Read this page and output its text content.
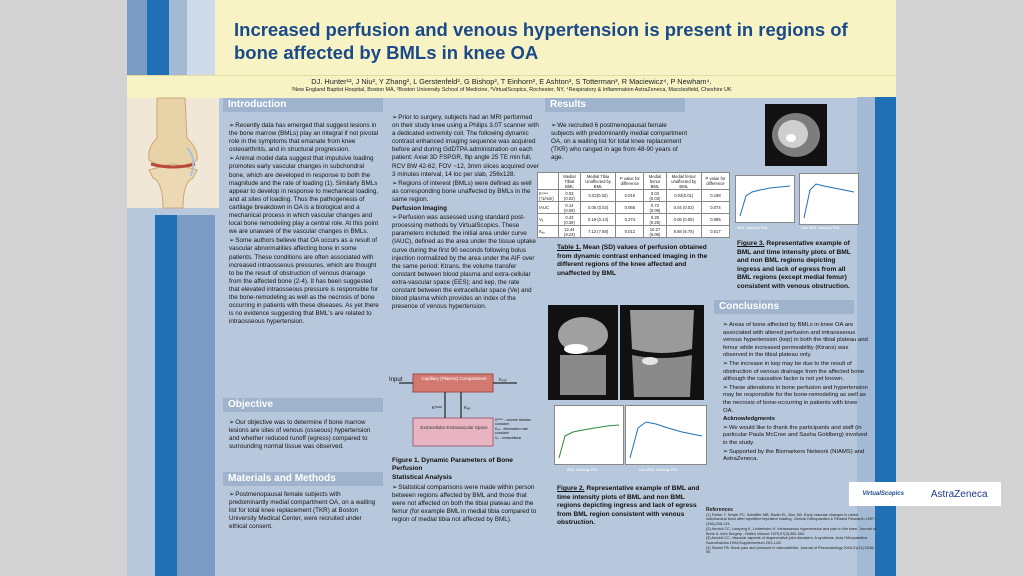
Increased perfusion and venous hypertension is present in regions of bone affected by BMLs in knee OA
DJ. Hunter¹², J Niu², Y Zhang², L Gerstenfeld², G Bishop², T Einhorn², E Ashton³, S Totterman³, R Maciewicz⁴, P Newham⁴.
¹New England Baptist Hospital, Boston MA, ²Boston University School of Medicine, ³VirtualScopics, Rochester, NY, ⁴Respiratory & Inflammation AstraZeneca, Macclesfield, Cheshire UK
Introduction

➢ Recently data has emerged that suggest lesions in the bone marrow (BMLs) play an integral if not pivotal role in the symptoms that emanate from knee osteoarthritis, and in structural progression.

➢ Animal model data suggest that impulsive loading promotes early vascular changes in subchondral bone, which are developed in response to both the magnitude and the rate of loading (1). Similarly BMLs appear to develop in response to mechanical loading, and at sites of loading. Thus the pathogenesis of cartilage breakdown in OA is a biological and a mechanical process in which vascular changes and local bone remodeling play a central role. At this point we are unaware of the vascular changes in BMLs.

➢ Some authors believe that OA occurs as a result of vascular abnormalities affecting bone in some patients. These conditions are often associated with increased intraosseous pressures, which are thought to be the result of obstruction of venous drainage from the affected bone (2-4). It has been suggested that elevated intraosseous pressure is responsible for the bone-remodeling as well as the necrosis of bone occurring in patients with these diseases. As yet there is no evidence suggesting that BML's are related to intraosseous hypertension.

Objective

➢ Our objective was to determine if bone marrow lesions are sites of venous (osseous) hypertension and whether reduced runoff (egress) compared to surrounding normal tissue was observed.

Materials and Methods

➢ Postmenopausal female subjects with predominantly medial compartment OA, on a waiting list for total knee replacement (TKR) at Boston University Medical Center, were recruited under ethical consent.

➢ Prior to surgery, subjects had an MRI performed on their study knee using a Philips 3.0T scanner with a dedicated extremity coil. The following dynamic contrast enhanced imaging sequence was acquired before and during GdDTPA administration on each patient: Axial 3D FSPGR, flip angle 25 TE min full, RCV BW 42-62, FOV ~12, 3mm slices acquired over 3 minutes interval, 14 loc per slab, 256x128.

➢ Regions of interest (BMLs) were defined as well as corresponding bone unaffected by BMLs in the same region.

Perfusion Imaging

➢ Perfusion was assessed using standard post-processing methods by VirtualScopics. These parameters included: the initial area under curve (IAUC), defined as the area under the tissue uptake curve during the first 90 seconds following bolus injection normalized by the area under the AIF over the same period; Ktrans, the volume transfer constant between blood plasma and extra-cellular extra-vascular space (EES); and kep, the rate constant between the extracellular space (Ve) and blood plasma which provides an index of the presence of venous hypertension.

Input	Capillary (Plasma) Compartment
Extracellular Extravascular Space
Kᵗʳᵃⁿˢ	Kₑₚ
Kₒᵤₜ
Kᵗʳᵃⁿˢ - volume transfer constant
Kₑₚ - elimination rate constant
Vₑ - extracellular

Figure 1. Dynamic Parameters of Bone Perfusion

Statistical Analysis

➢ Statistical comparisons were made within person between regions affected by BML and those that were not affected on both the tibial plateau and the femur (for example BML in medial tibia compared to region of medial tibia not affected by BML).

Results

➢ We recruited 6 postmenopausal female subjects with predominantly medial compartment OA, on a waiting list for total knee replacement (TKR) who ranged in age from 48-90 years of age.

BML Intensity Plot	Non BML Intensity Plot
Figure 3. Representative example of BML and time intensity plots of BML and non BML regions depicting ingress and lack of egress from all BML regions (except medial femur) consistent with venous obstruction.
Table 1. Mean (SD) values of perfusion obtained from dynamic contrast enhanced imaging in the different regions of the knee affected and unaffected by BML
BML Intensity Plot	Non BML Intensity Plot
Figure 2. Representative example of BML and time intensity plots of BML and non BML regions depicting ingress and lack of egress from BML region consistent with venous obstruction.
Conclusions

➢ Areas of bone affected by BMLs in knee OA are associated with altered perfusion and intraosseous venous hypertension (kep) in both the tibial plateau and femur while increased permeability (Ktrans) was observed in the tibial plateau only.

➢ The increase in kep may be due to the result of obstruction of venous drainage from the affected bone although the causative factor is not yet known.

➢ These alterations in bone perfusion and hypertension may be responsible for the bone-remodeling as well as the necrosis of bone-occurring in patients with knee OA.

Acknowledgments

➢ We would like to thank the participants and staff (in particular Paula McCree and Sasha Goldberg) involved in the study.

➢ Supported by the Biomarkers Network (NIAMS) and AstraZeneca.

VirtualScopics	AstraZeneca
References
(1) Fortier T, Smyth PC, Schaffler MB, Radin EL, Burr DB. Early vascular changes in rabbit subchondral bone after repetitive impulsive loading. Clinical Orthopaedics & Related Research 1997;(336):208-221.
(2) Arnoldi CC, Lemperg K, Linderholm H. Intraosseous hypertension and pain in the knee. Journal of Bone & Joint Surgery - British Volume 1975;57(3):360-363.
(3) Arnoldi CC. Vascular aspects of degenerative joint disorders. A synthesis. Acta Orthopaedica Scandinavica 1994;Supplementum 261:1-82.
(4) Simkin PA. Bone pain and pressure in osteoarthritis: Journal of Rheumatology 2004;31(11):2048-50.
	Medial Tibial BML	Medial Tibia Unaffected by BML	P value for difference	Medial femur BML	Medial femur unaffected by BML	P value for difference
Kᵗʳᵃⁿˢ (*1/min)	0.03 (0.02)	0.02(0.02)	0.016	0.03 (0.03)	0.02(0.01)	0.198
IAUC	0.14 (0.09)	0.05 (0.02)	0.066	0.73 (0.08)	0.04 (0.02)	0.074
Vₑ	0.43 (0.39)	0.19 (0.13)	0.274	0.29 (0.25)	0.06 (0.05)	0.085
Kₑₚ	12.44 (9.23)	7.13 (7.68)	0.012	10.27 (6.06)	8.68 (5.75)	0.017
